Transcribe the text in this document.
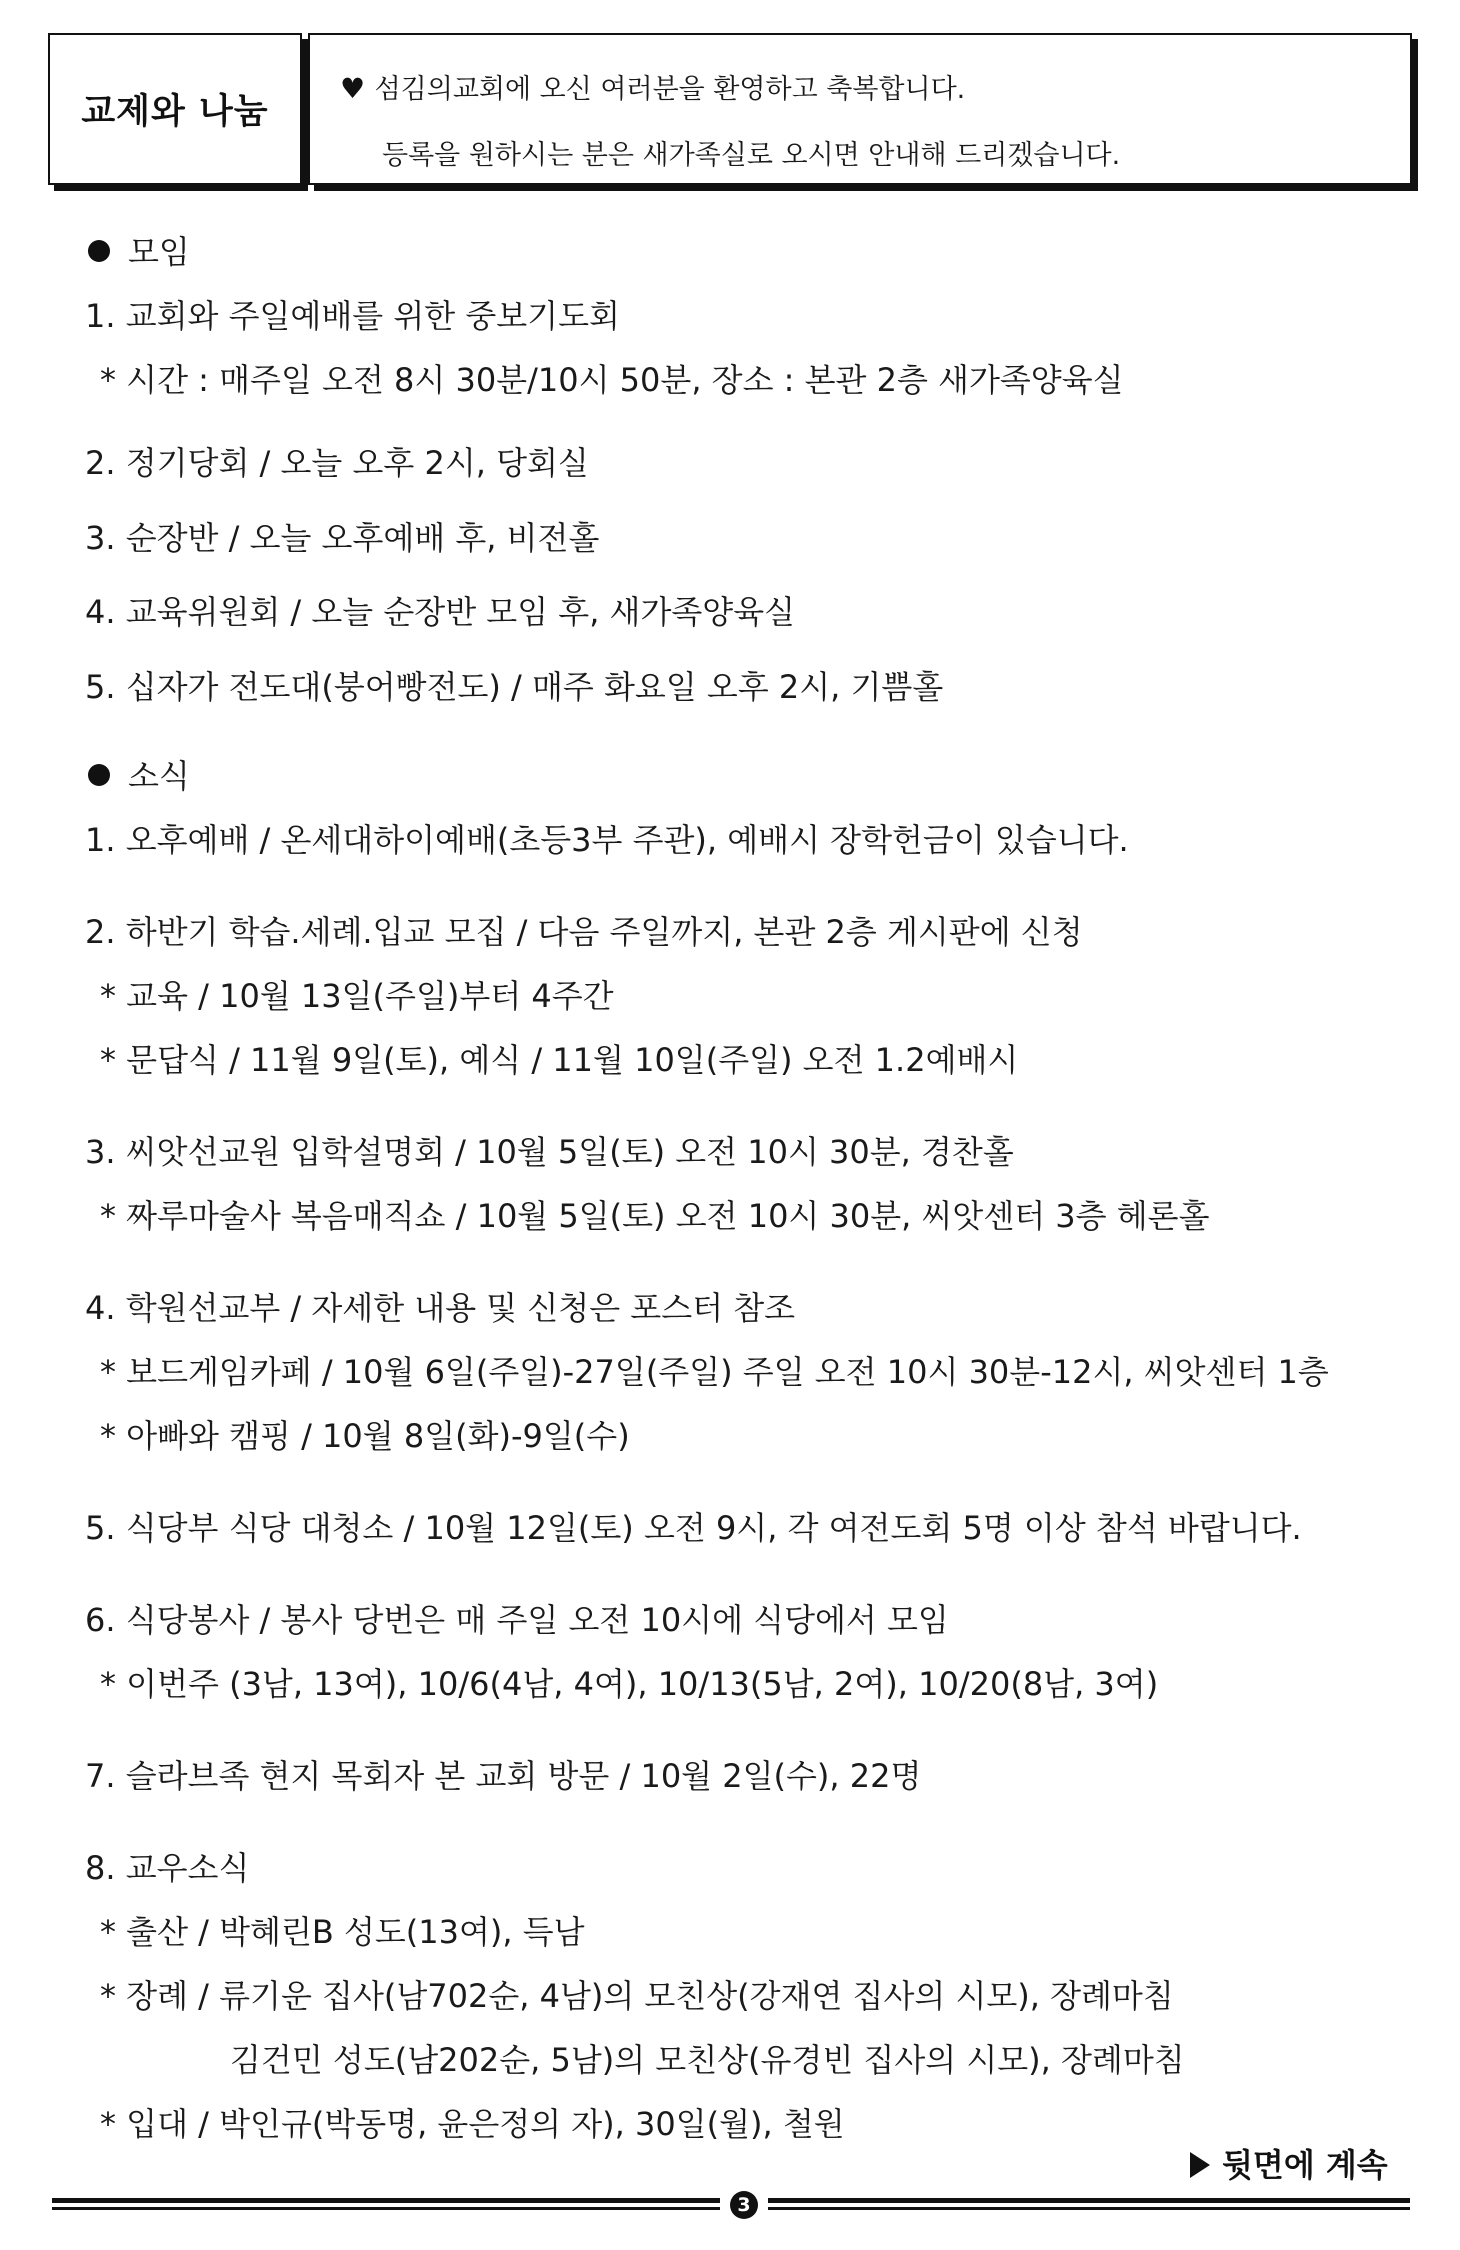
교제와 나눔
♥ 섬김의교회에 오신 여러분을 환영하고 축복합니다.
등록을 원하시는 분은 새가족실로 오시면 안내해 드리겠습니다.
모임
1. 교회와 주일예배를 위한 중보기도회
* 시간 : 매주일 오전 8시 30분/10시 50분, 장소 : 본관 2층 새가족양육실
2. 정기당회 / 오늘 오후 2시, 당회실
3. 순장반 / 오늘 오후예배 후, 비전홀
4. 교육위원회 / 오늘 순장반 모임 후, 새가족양육실
5. 십자가 전도대(붕어빵전도) / 매주 화요일 오후 2시, 기쁨홀
소식
1. 오후예배 / 온세대하이예배(초등3부 주관), 예배시 장학헌금이 있습니다.
2. 하반기 학습.세례.입교 모집 / 다음 주일까지, 본관 2층 게시판에 신청
* 교육 / 10월 13일(주일)부터 4주간
* 문답식 / 11월 9일(토), 예식 / 11월 10일(주일) 오전 1.2예배시
3. 씨앗선교원 입학설명회 / 10월 5일(토) 오전 10시 30분, 경찬홀
* 짜루마술사 복음매직쇼 / 10월 5일(토) 오전 10시 30분, 씨앗센터 3층 헤론홀
4. 학원선교부 / 자세한 내용 및 신청은 포스터 참조
* 보드게임카페 / 10월 6일(주일)-27일(주일) 주일 오전 10시 30분-12시, 씨앗센터 1층
* 아빠와 캠핑 / 10월 8일(화)-9일(수)
5. 식당부 식당 대청소 / 10월 12일(토) 오전 9시, 각 여전도회 5명 이상 참석 바랍니다.
6. 식당봉사 / 봉사 당번은 매 주일 오전 10시에 식당에서 모임
* 이번주 (3남, 13여), 10/6(4남, 4여), 10/13(5남, 2여), 10/20(8남, 3여)
7. 슬라브족 현지 목회자 본 교회 방문 / 10월 2일(수), 22명
8. 교우소식
* 출산 / 박혜린B 성도(13여), 득남
* 장례 / 류기운 집사(남702순, 4남)의 모친상(강재연 집사의 시모), 장례마침
김건민 성도(남202순, 5남)의 모친상(유경빈 집사의 시모), 장례마침
* 입대 / 박인규(박동명, 윤은정의 자), 30일(월), 철원
뒷면에 계속
3
